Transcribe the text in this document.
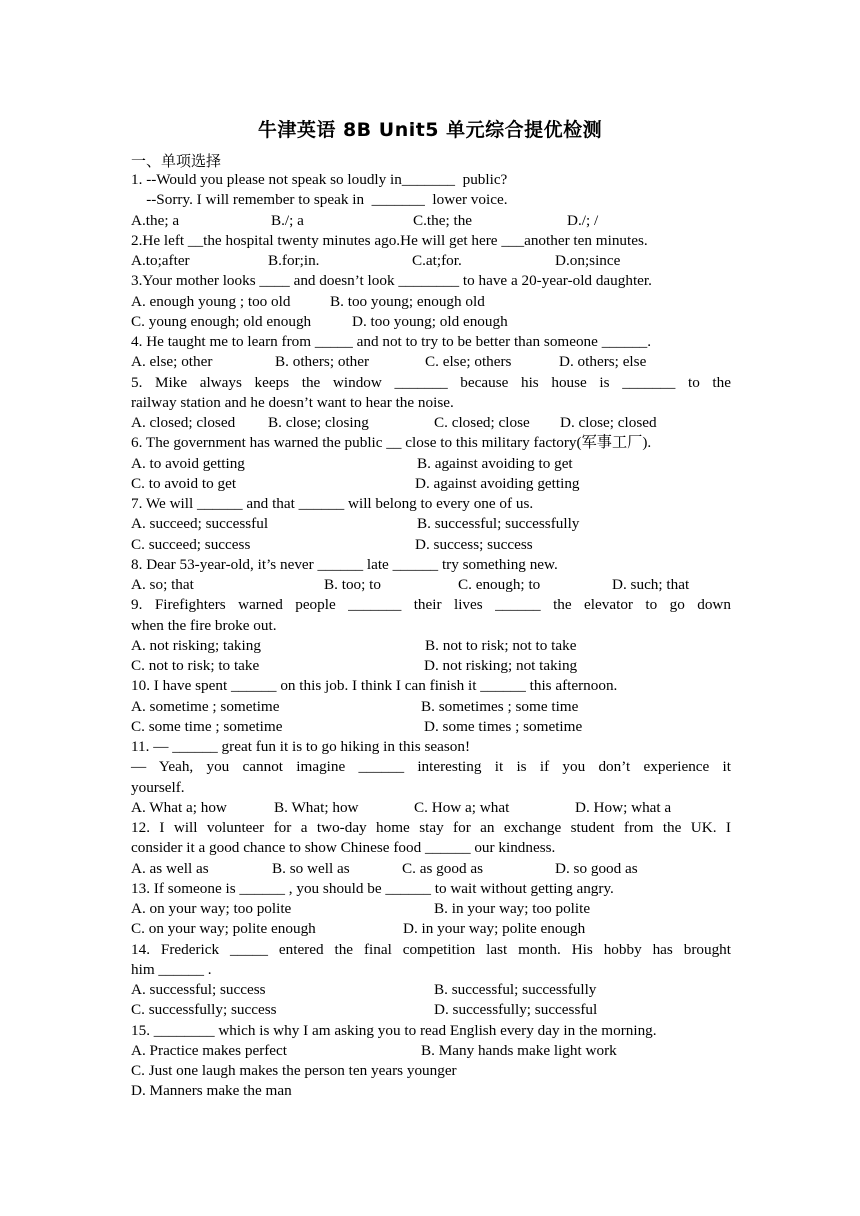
牛津英语 8B Unit5 单元综合提优检测
一、单项选择
1. --Would you please not speak so loudly in_______  public?
--Sorry. I will remember to speak in  _______  lower voice.
A.the; a	B./; a	C.the; the	D./; /
2.He left __the hospital twenty minutes ago.He will get here ___another ten minutes.
A.to;after	B.for;in.	C.at;for.	D.on;since
3.Your mother looks ____ and doesn’t look ________ to have a 20-year-old daughter.
A. enough young ; too old	B. too young; enough old
C. young enough; old enough	D. too young; old enough
4. He taught me to learn from _____ and not to try to be better than someone ______.
A. else; other	B. others; other	C. else; others	D. others; else
5. Mike always keeps the window _______ because his house is _______ to the
railway station and he doesn’t want to hear the noise.
A. closed; closed B. close; closing	C. closed; close D. close; closed
6. The government has warned the public __ close to this military factory(军事工厂).
A. to avoid getting	B. against avoiding to get
C. to avoid to get	D. against avoiding getting
7. We will ______ and that ______ will belong to every one of us.
A. succeed; successful	B. successful; successfully
C. succeed; success	D. success; success
8. Dear 53-year-old, it’s never ______ late ______ try something new.
A. so; that	B. too; to	C. enough; to	D. such; that
9. Firefighters warned people _______ their lives ______ the elevator to go down
when the fire broke out.
A. not risking; taking	B. not to risk; not to take
C. not to risk; to take	D. not risking; not taking
10. I have spent ______ on this job. I think I can finish it ______ this afternoon.
A. sometime ; sometime	B. sometimes ; some time
C. some time ; sometime	D. some times ; sometime
11. — ______ great fun it is to go hiking in this season!
— Yeah, you cannot imagine ______ interesting it is if you don’t experience it
yourself.
A. What a; how	B. What; how	C. How a; what	D. How; what a
12. I will volunteer for a two-day home stay for an exchange student from the UK. I
consider it a good chance to show Chinese food ______ our kindness.
A. as well as	B. so well as	C. as good as	D. so good as
13. If someone is ______ , you should be ______ to wait without getting angry.
A. on your way; too polite	B. in your way; too polite
C. on your way; polite enough	D. in your way; polite enough
14. Frederick _____ entered the final competition last month. His hobby has brought
him ______ .
A. successful; success	B. successful; successfully
C. successfully; success	D. successfully; successful
15. ________ which is why I am asking you to read English every day in the morning.
A. Practice makes perfect	B. Many hands make light work
C. Just one laugh makes the person ten years younger
D. Manners make the man
